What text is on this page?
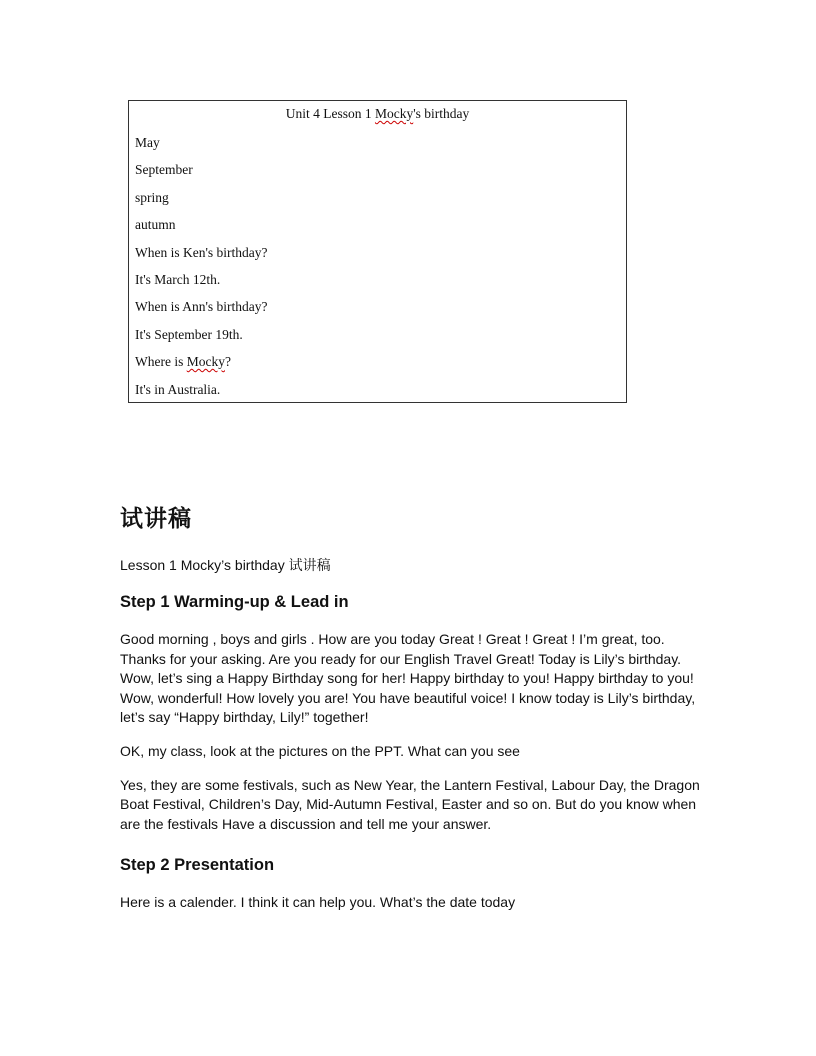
Unit 4 Lesson 1 Mocky's birthday
May
September
spring
autumn
When is Ken's birthday?
It's March 12th.
When is Ann's birthday?
It's September 19th.
Where is Mocky?
It's in Australia.
试讲稿

Lesson 1 Mocky’s birthday 试讲稿

Step 1 Warming-up & Lead in

Good morning , boys and girls . How are you today Great ! Great ! Great ! I’m great, too. Thanks for your asking. Are you ready for our English Travel Great! Today is Lily’s birthday. Wow, let’s sing a Happy Birthday song for her! Happy birthday to you! Happy birthday to you! Wow, wonderful! How lovely you are! You have beautiful voice! I know today is Lily’s birthday, let’s say “Happy birthday, Lily!” together!

OK, my class, look at the pictures on the PPT. What can you see

Yes, they are some festivals, such as New Year, the Lantern Festival, Labour Day, the Dragon Boat Festival, Children’s Day, Mid-Autumn Festival, Easter and so on. But do you know when are the festivals Have a discussion and tell me your answer.

Step 2 Presentation

Here is a calender. I think it can help you. What’s the date today
